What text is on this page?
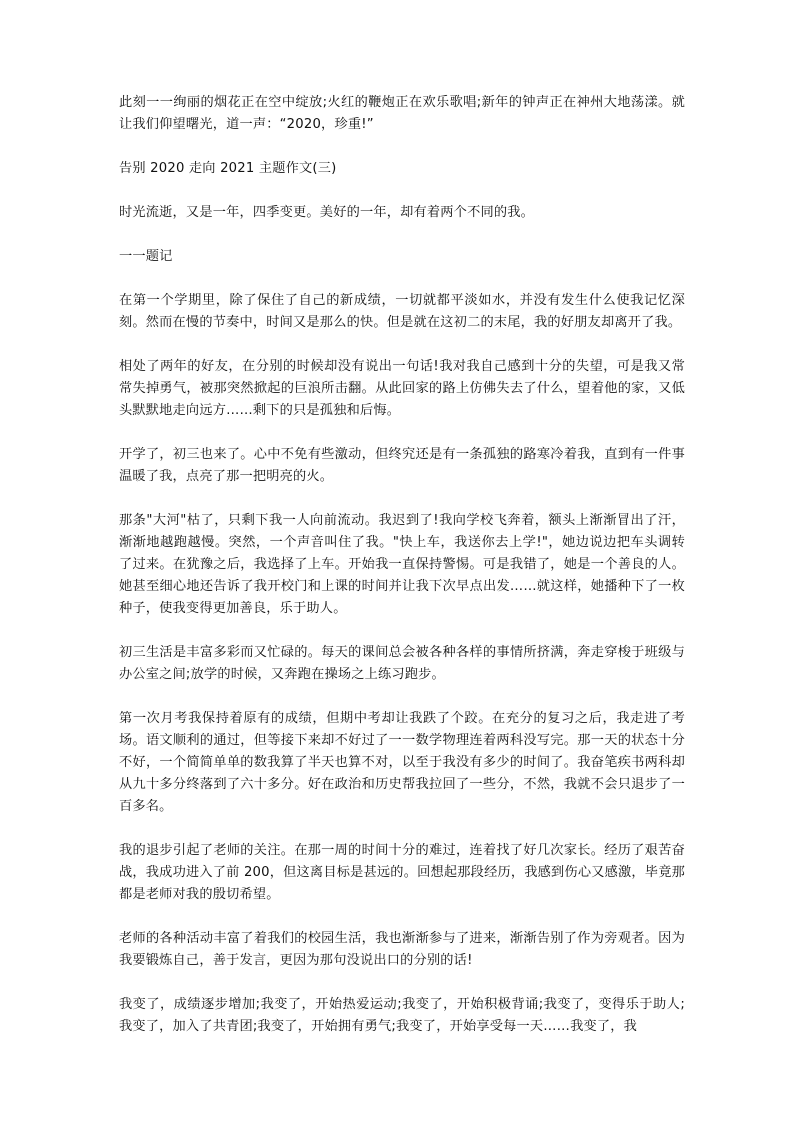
此刻一一绚丽的烟花正在空中绽放;火红的鞭炮正在欢乐歌唱;新年的钟声正在神州大地荡漾。就让我们仰望曙光，道一声：“2020，珍重!”

告别 2020 走向 2021 主题作文(三)

时光流逝，又是一年，四季变更。美好的一年，却有着两个不同的我。

一一题记

在第一个学期里，除了保住了自己的新成绩，一切就都平淡如水，并没有发生什么使我记忆深刻。然而在慢的节奏中，时间又是那么的快。但是就在这初二的末尾，我的好朋友却离开了我。

相处了两年的好友，在分别的时候却没有说出一句话!我对我自己感到十分的失望，可是我又常常失掉勇气，被那突然掀起的巨浪所击翻。从此回家的路上仿佛失去了什么，望着他的家，又低头默默地走向远方……剩下的只是孤独和后悔。

开学了，初三也来了。心中不免有些激动，但终究还是有一条孤独的路寒冷着我，直到有一件事温暖了我，点亮了那一把明亮的火。

那条"大河"枯了，只剩下我一人向前流动。我迟到了!我向学校飞奔着，额头上渐渐冒出了汗，渐渐地越跑越慢。突然，一个声音叫住了我。"快上车，我送你去上学!"，她边说边把车头调转了过来。在犹豫之后，我选择了上车。开始我一直保持警惕。可是我错了，她是一个善良的人。她甚至细心地还告诉了我开校门和上课的时间并让我下次早点出发……就这样，她播种下了一枚种子，使我变得更加善良，乐于助人。

初三生活是丰富多彩而又忙碌的。每天的课间总会被各种各样的事情所挤满，奔走穿梭于班级与办公室之间;放学的时候，又奔跑在操场之上练习跑步。

第一次月考我保持着原有的成绩，但期中考却让我跌了个跤。在充分的复习之后，我走进了考场。语文顺利的通过，但等接下来却不好过了一一数学物理连着两科没写完。那一天的状态十分不好，一个简简单单的数我算了半天也算不对，以至于我没有多少的时间了。我奋笔疾书两科却从九十多分终落到了六十多分。好在政治和历史帮我拉回了一些分，不然，我就不会只退步了一百多名。

我的退步引起了老师的关注。在那一周的时间十分的难过，连着找了好几次家长。经历了艰苦奋战，我成功进入了前 200，但这离目标是甚远的。回想起那段经历，我感到伤心又感激，毕竟那都是老师对我的殷切希望。

老师的各种活动丰富了着我们的校园生活，我也渐渐参与了进来，渐渐告别了作为旁观者。因为我要锻炼自己，善于发言，更因为那句没说出口的分别的话!

我变了，成绩逐步增加;我变了，开始热爱运动;我变了，开始积极背诵;我变了，变得乐于助人;我变了，加入了共青团;我变了，开始拥有勇气;我变了，开始享受每一天……我变了，我
